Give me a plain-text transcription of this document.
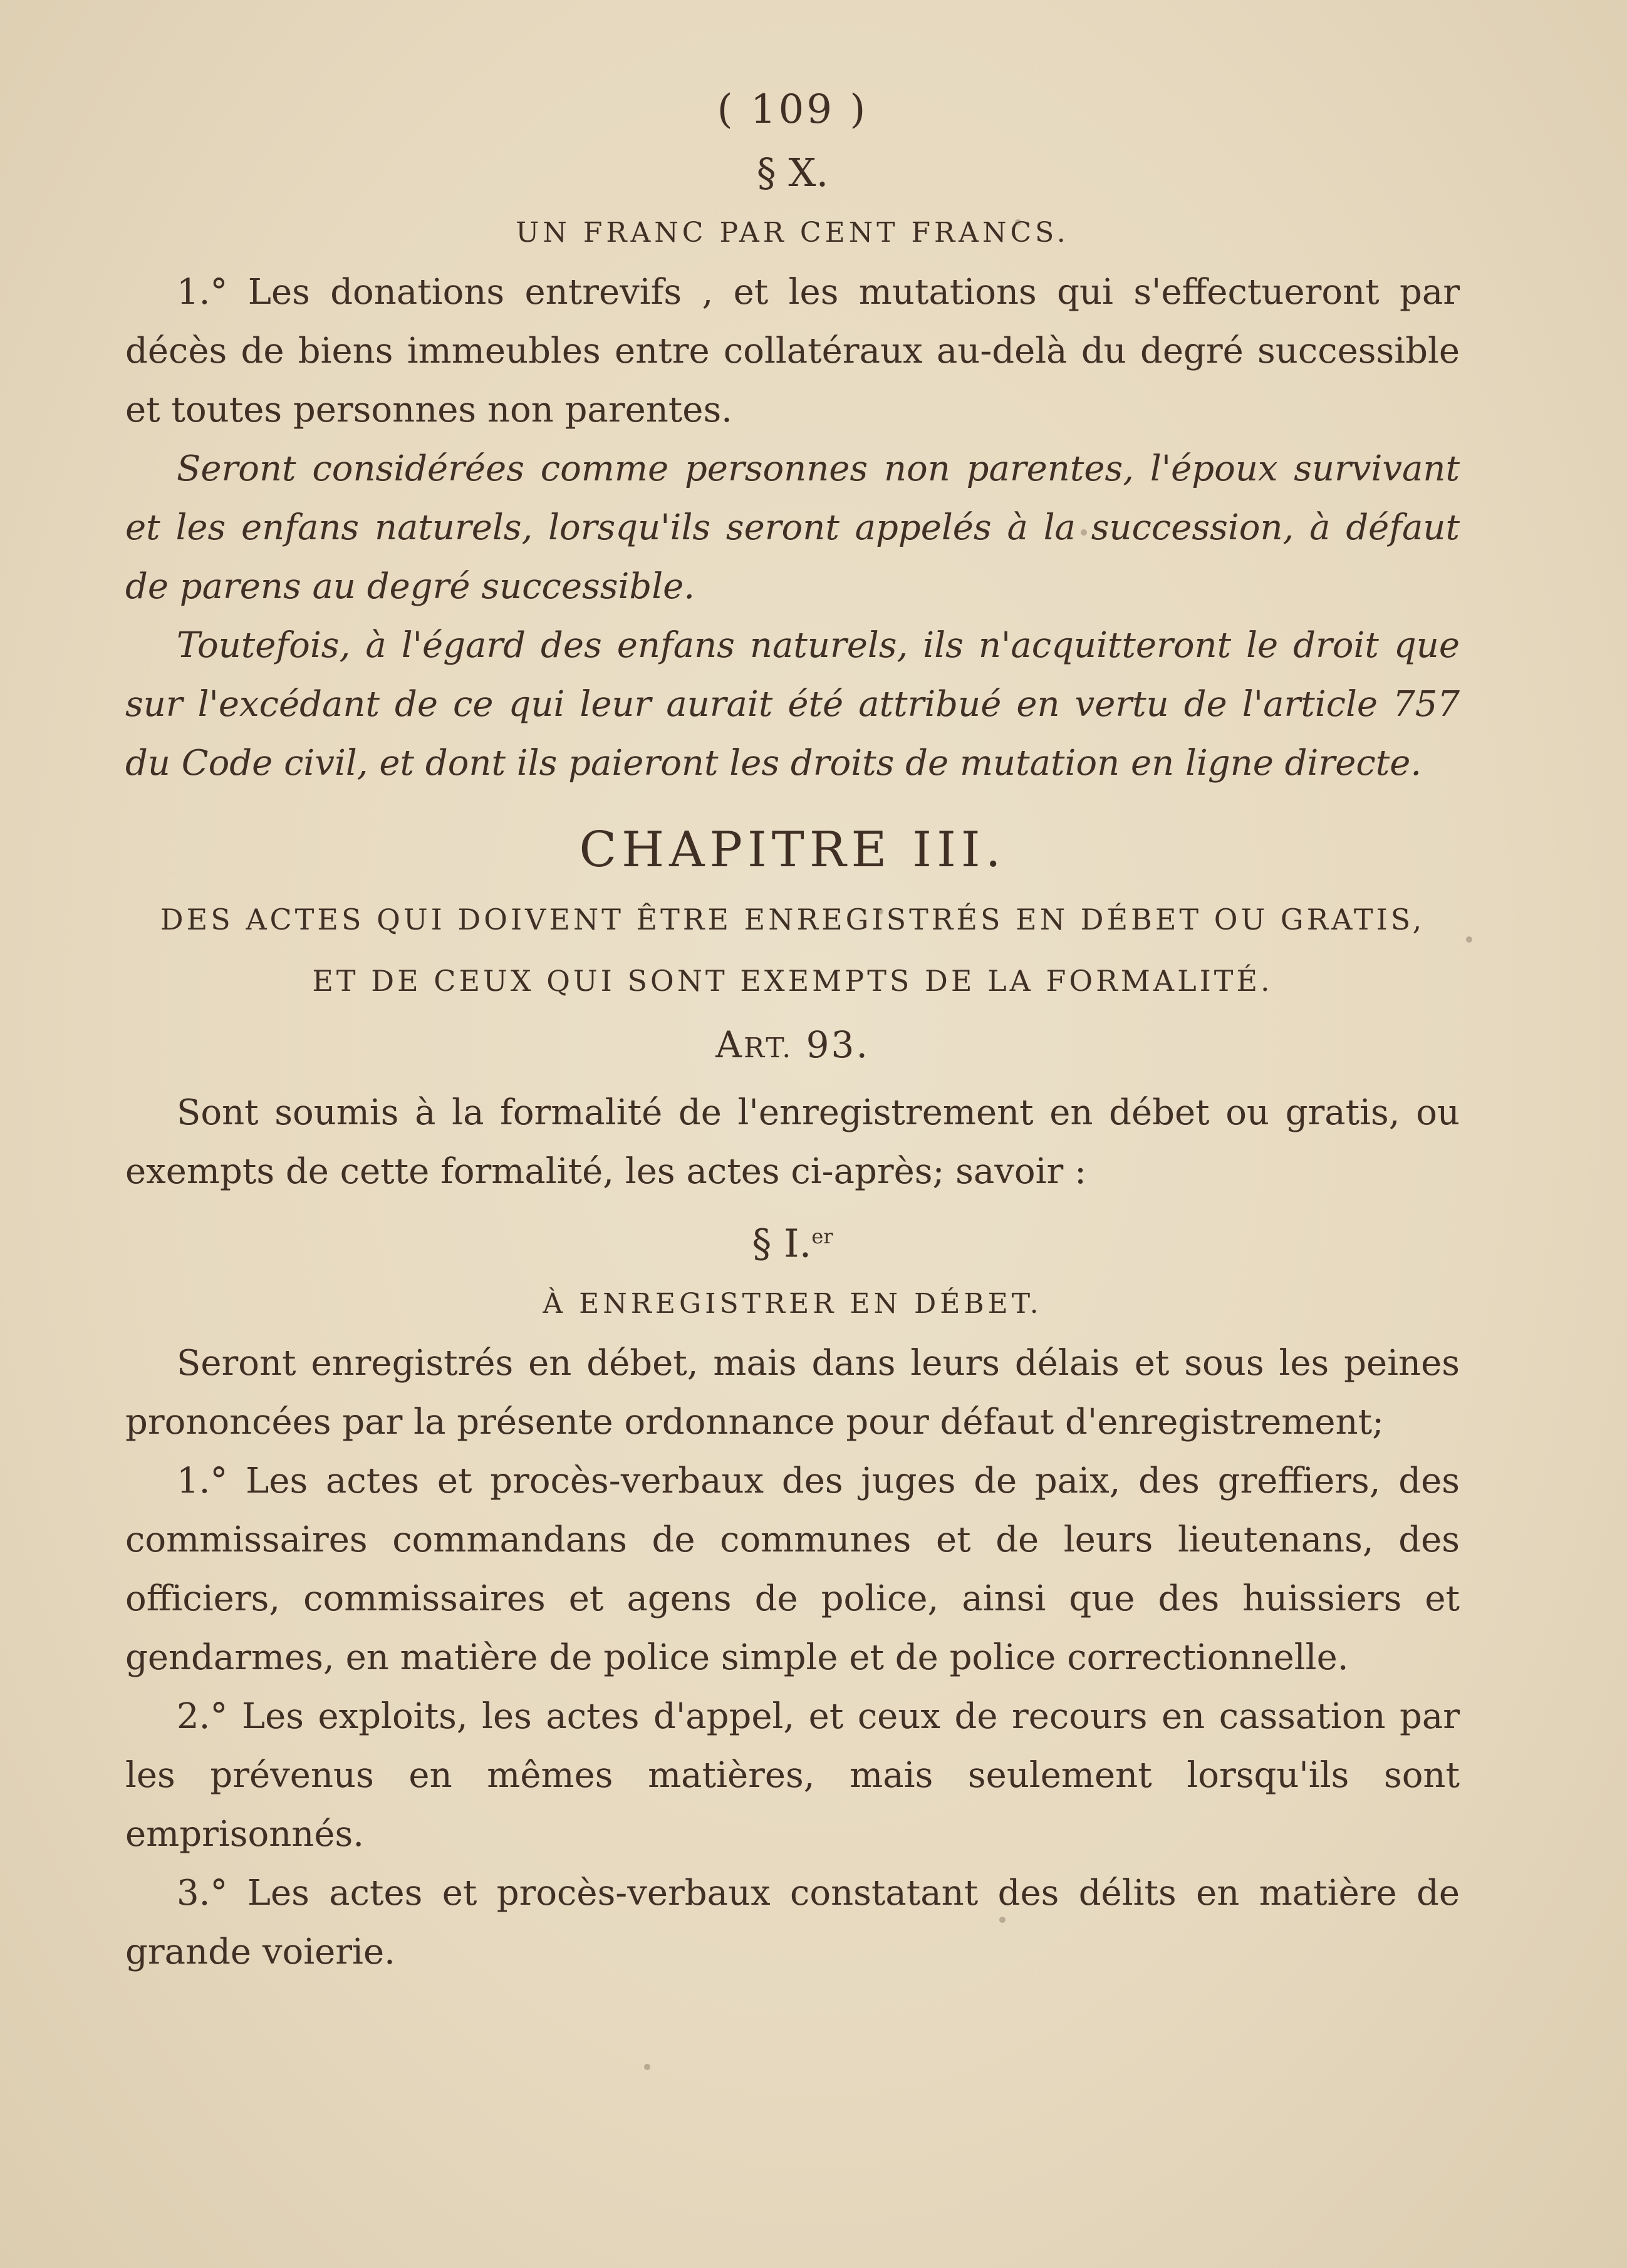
( 109 )
§ X.
UN FRANC PAR CENT FRANCS.

1.° Les donations entrevifs , et les mutations qui s'effectueront par décès de biens immeubles entre collatéraux au-delà du degré successible et toutes personnes non parentes.

Seront considérées comme personnes non parentes, l'époux survivant et les enfans naturels, lorsqu'ils seront appelés à la succession, à défaut de parens au degré successible.

Toutefois, à l'égard des enfans naturels, ils n'acquitteront le droit que sur l'excédant de ce qui leur aurait été attribué en vertu de l'article 757 du Code civil, et dont ils paieront les droits de mutation en ligne directe.

CHAPITRE III.
DES ACTES QUI DOIVENT ÊTRE ENREGISTRÉS EN DÉBET OU GRATIS,
ET DE CEUX QUI SONT EXEMPTS DE LA FORMALITÉ.
ART. 93.

Sont soumis à la formalité de l'enregistrement en débet ou gratis, ou exempts de cette formalité, les actes ci-après; savoir :

§ I.$^{er}$
À ENREGISTRER EN DÉBET.

Seront enregistrés en débet, mais dans leurs délais et sous les peines prononcées par la présente ordonnance pour défaut d'enregistrement;

1.° Les actes et procès-verbaux des juges de paix, des greffiers, des commissaires commandans de communes et de leurs lieutenans, des officiers, commissaires et agens de police, ainsi que des huissiers et gendarmes, en matière de police simple et de police correctionnelle.

2.° Les exploits, les actes d'appel, et ceux de recours en cassation par les prévenus en mêmes matières, mais seulement lorsqu'ils sont emprisonnés.

3.° Les actes et procès-verbaux constatant des délits en matière de grande voierie.
